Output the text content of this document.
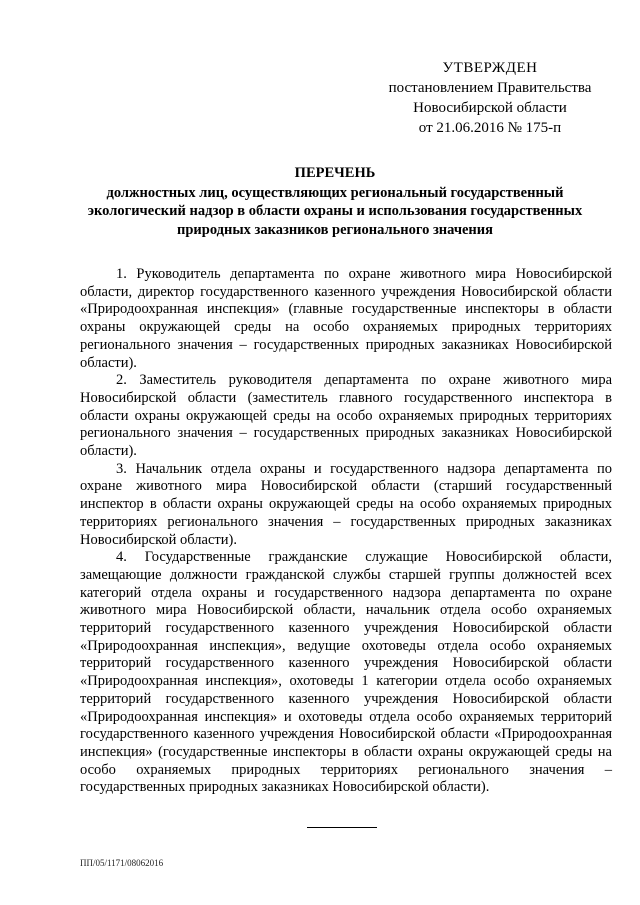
УТВЕРЖДЕН
постановлением Правительства
Новосибирской области
от 21.06.2016 № 175-п
ПЕРЕЧЕНЬ
должностных лиц, осуществляющих региональный государственный экологический надзор в области охраны и использования государственных природных заказников регионального значения

1. Руководитель департамента по охране животного мира Новосибирской области, директор государственного казенного учреждения Новосибирской области «Природоохранная инспекция» (главные государственные инспекторы в области охраны окружающей среды на особо охраняемых природных территориях регионального значения – государственных природных заказниках Новосибирской области).

2. Заместитель руководителя департамента по охране животного мира Новосибирской области (заместитель главного государственного инспектора в области охраны окружающей среды на особо охраняемых природных территориях регионального значения – государственных природных заказниках Новосибирской области).

3. Начальник отдела охраны и государственного надзора департамента по охране животного мира Новосибирской области (старший государственный инспектор в области охраны окружающей среды на особо охраняемых природных территориях регионального значения – государственных природных заказниках Новосибирской области).

4. Государственные гражданские служащие Новосибирской области, замещающие должности гражданской службы старшей группы должностей всех категорий отдела охраны и государственного надзора департамента по охране животного мира Новосибирской области, начальник отдела особо охраняемых территорий государственного казенного учреждения Новосибирской области «Природоохранная инспекция», ведущие охотоведы отдела особо охраняемых территорий государственного казенного учреждения Новосибирской области «Природоохранная инспекция», охотоведы 1 категории отдела особо охраняемых территорий государственного казенного учреждения Новосибирской области «Природоохранная инспекция» и охотоведы отдела особо охраняемых территорий государственного казенного учреждения Новосибирской области «Природоохранная инспекция» (государственные инспекторы в области охраны окружающей среды на особо охраняемых природных территориях регионального значения – государственных природных заказниках Новосибирской области).

ПП/05/1171/08062016
